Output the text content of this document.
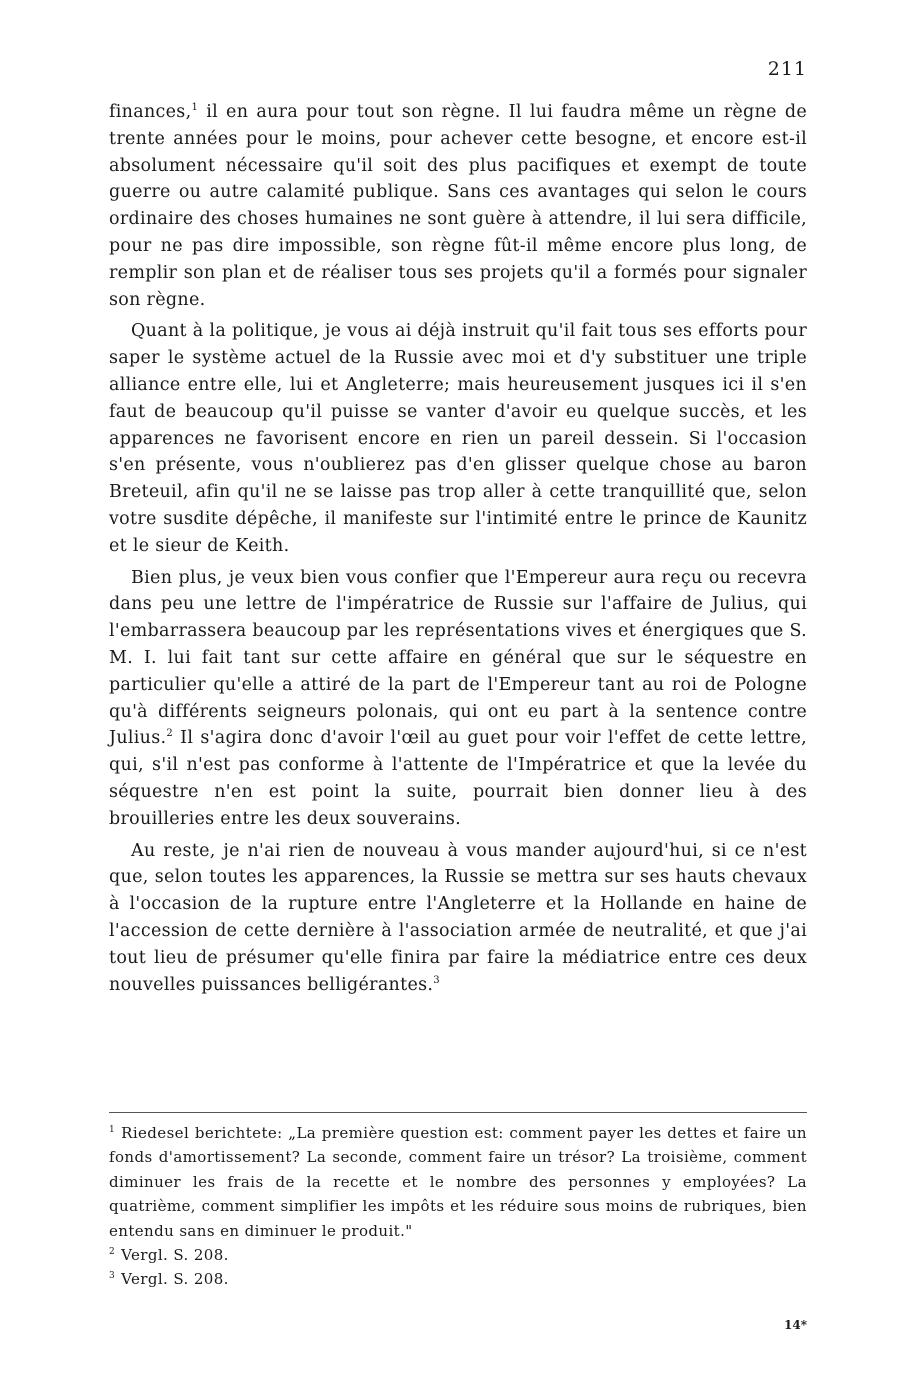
211

finances,$^1$ il en aura pour tout son règne. Il lui faudra même un règne de trente années pour le moins, pour achever cette besogne, et encore est-il absolument nécessaire qu'il soit des plus pacifiques et exempt de toute guerre ou autre calamité publique. Sans ces avantages qui selon le cours ordinaire des choses humaines ne sont guère à attendre, il lui sera difficile, pour ne pas dire impossible, son règne fût-il même encore plus long, de remplir son plan et de réaliser tous ses projets qu'il a formés pour signaler son règne.

Quant à la politique, je vous ai déjà instruit qu'il fait tous ses efforts pour saper le système actuel de la Russie avec moi et d'y substituer une triple alliance entre elle, lui et Angleterre; mais heureusement jusques ici il s'en faut de beaucoup qu'il puisse se vanter d'avoir eu quelque succès, et les apparences ne favorisent encore en rien un pareil dessein. Si l'occasion s'en présente, vous n'oublierez pas d'en glisser quelque chose au baron Breteuil, afin qu'il ne se laisse pas trop aller à cette tranquillité que, selon votre susdite dépêche, il manifeste sur l'intimité entre le prince de Kaunitz et le sieur de Keith.

Bien plus, je veux bien vous confier que l'Empereur aura reçu ou recevra dans peu une lettre de l'impératrice de Russie sur l'affaire de Julius, qui l'embarrassera beaucoup par les représentations vives et énergiques que S. M. I. lui fait tant sur cette affaire en général que sur le séquestre en particulier qu'elle a attiré de la part de l'Empereur tant au roi de Pologne qu'à différents seigneurs polonais, qui ont eu part à la sentence contre Julius.$^2$ Il s'agira donc d'avoir l'œil au guet pour voir l'effet de cette lettre, qui, s'il n'est pas conforme à l'attente de l'Impératrice et que la levée du séquestre n'en est point la suite, pourrait bien donner lieu à des brouilleries entre les deux souverains.

Au reste, je n'ai rien de nouveau à vous mander aujourd'hui, si ce n'est que, selon toutes les apparences, la Russie se mettra sur ses hauts chevaux à l'occasion de la rupture entre l'Angleterre et la Hollande en haine de l'accession de cette dernière à l'association armée de neutralité, et que j'ai tout lieu de présumer qu'elle finira par faire la médiatrice entre ces deux nouvelles puissances belligérantes.$^3$

$^1$ Riedesel berichtete: „La première question est: comment payer les dettes et faire un fonds d'amortissement? La seconde, comment faire un trésor? La troisième, comment diminuer les frais de la recette et le nombre des personnes y employées? La quatrième, comment simplifier les impôts et les réduire sous moins de rubriques, bien entendu sans en diminuer le produit."

$^2$ Vergl. S. 208.

$^3$ Vergl. S. 208.

14*
